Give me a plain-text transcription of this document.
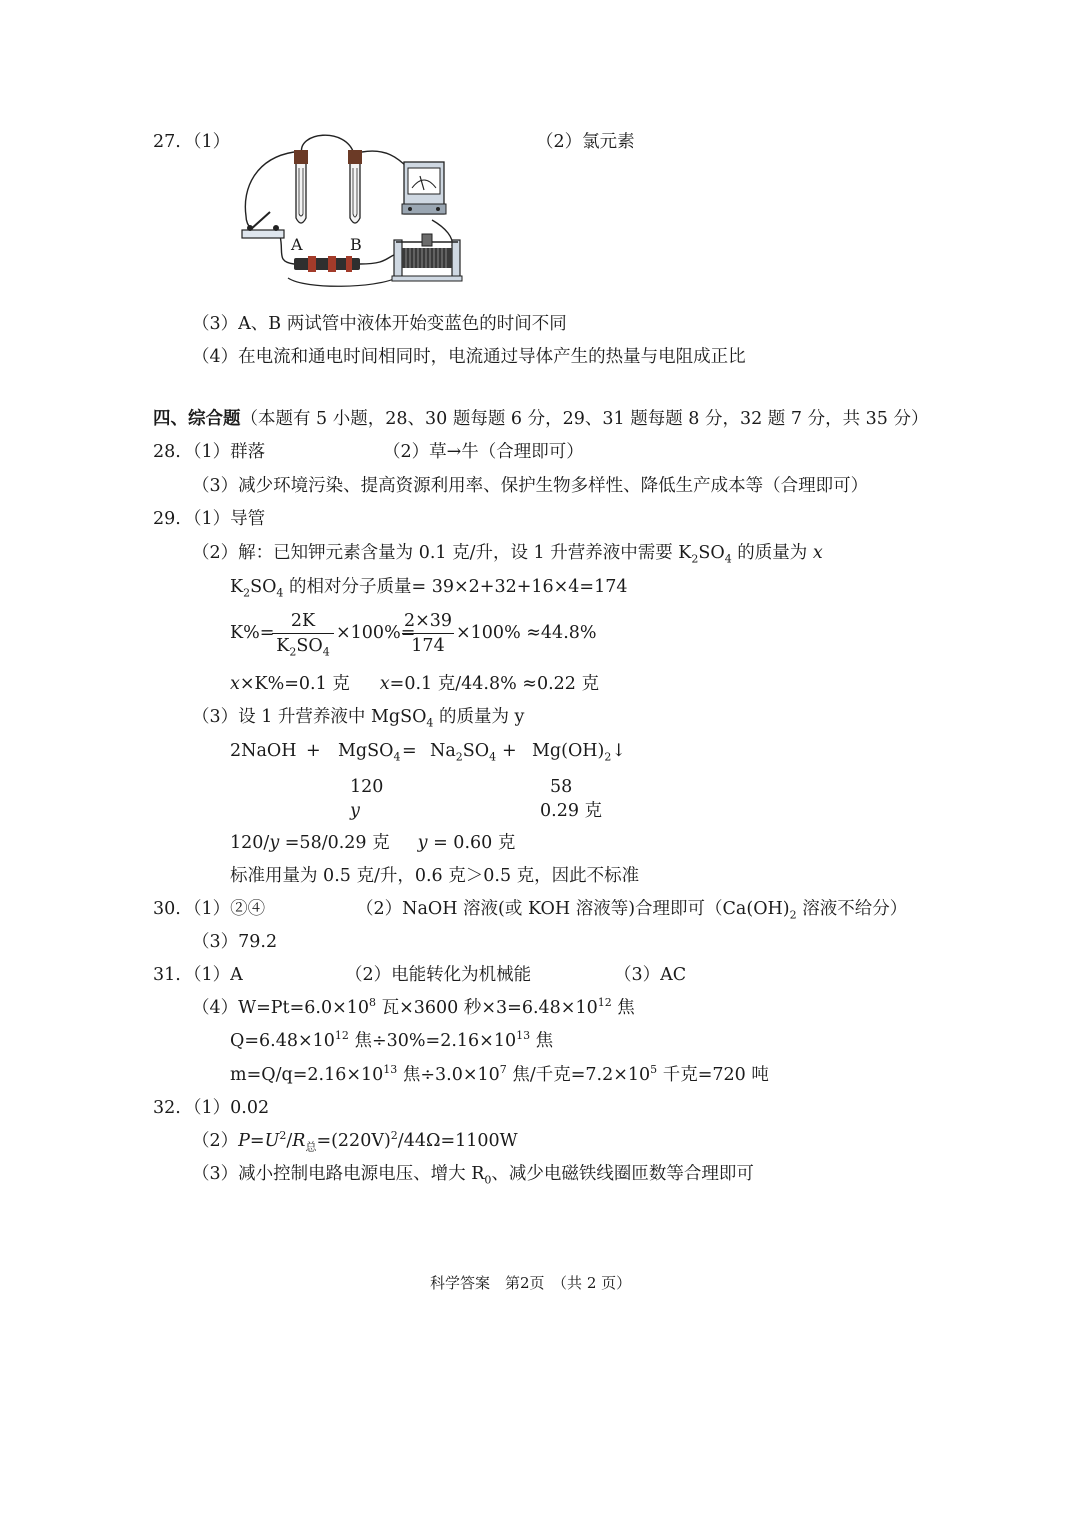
27. （1）
A	B
（2）氯元素
（3）A、B 两试管中液体开始变蓝色的时间不同
（4）在电流和通电时间相同时，电流通过导体产生的热量与电阻成正比
四、综合题（本题有 5 小题，28、30 题每题 6 分，29、31 题每题 8 分，32 题 7 分，共 35 分）
28. （1）群落	（2）草→牛（合理即可）
（3）减少环境污染、提高资源利用率、保护生物多样性、降低生产成本等（合理即可）
29. （1）导管
（2）解：已知钾元素含量为 0.1 克/升，设 1 升营养液中需要 $K_2SO_4$ 的质量为 x
$K_2SO_4$ 的相对分子质量= 39×2+32+16×4=174
K%=
2K
$K_2SO_4$
×100%=
2×39
174
×100% ≈44.8%
x×K%=0.1 克 x=0.1 克/44.8% ≈0.22 克
（3）设 1 升营养液中 MgSO$_4$ 的质量为 y
2NaOH + MgSO$_4$ = $Na_2SO_4$ + $Mg(OH)_2↓$
120	58
y	0.29 克
120/y =58/0.29 克 y = 0.60 克
标准用量为 0.5 克/升，0.6 克＞0.5 克，因此不标准
30. （1）②④	（2）NaOH 溶液(或 KOH 溶液等)合理即可（$Ca(OH)_2$ 溶液不给分）
（3）79.2
31. （1）A	（2）电能转化为机械能	（3）AC
$(4)W=Pt=6.0\times 10^8$ 瓦×3600 秒$\times 3=6.48\times 10^{12}$ 焦
$Q=6.48\times 10^{12}$ 焦$\div 30\%=2.16\times 10^{13}$ 焦
$m=Q/q=2.16\times 10^{13}$ 焦$\div 3.0\times 10^7$ 焦/千克$=7.2\times 10^5$ 千克=720 吨
32. （1）0.02
$(2)P=U^2/R_总=(220V)^2/44\Omega=1100W$
（3）减小控制电路电源电压、增大 $R_0$、减少电磁铁线圈匝数等合理即可
科学答案　第2页　（共 2 页）
